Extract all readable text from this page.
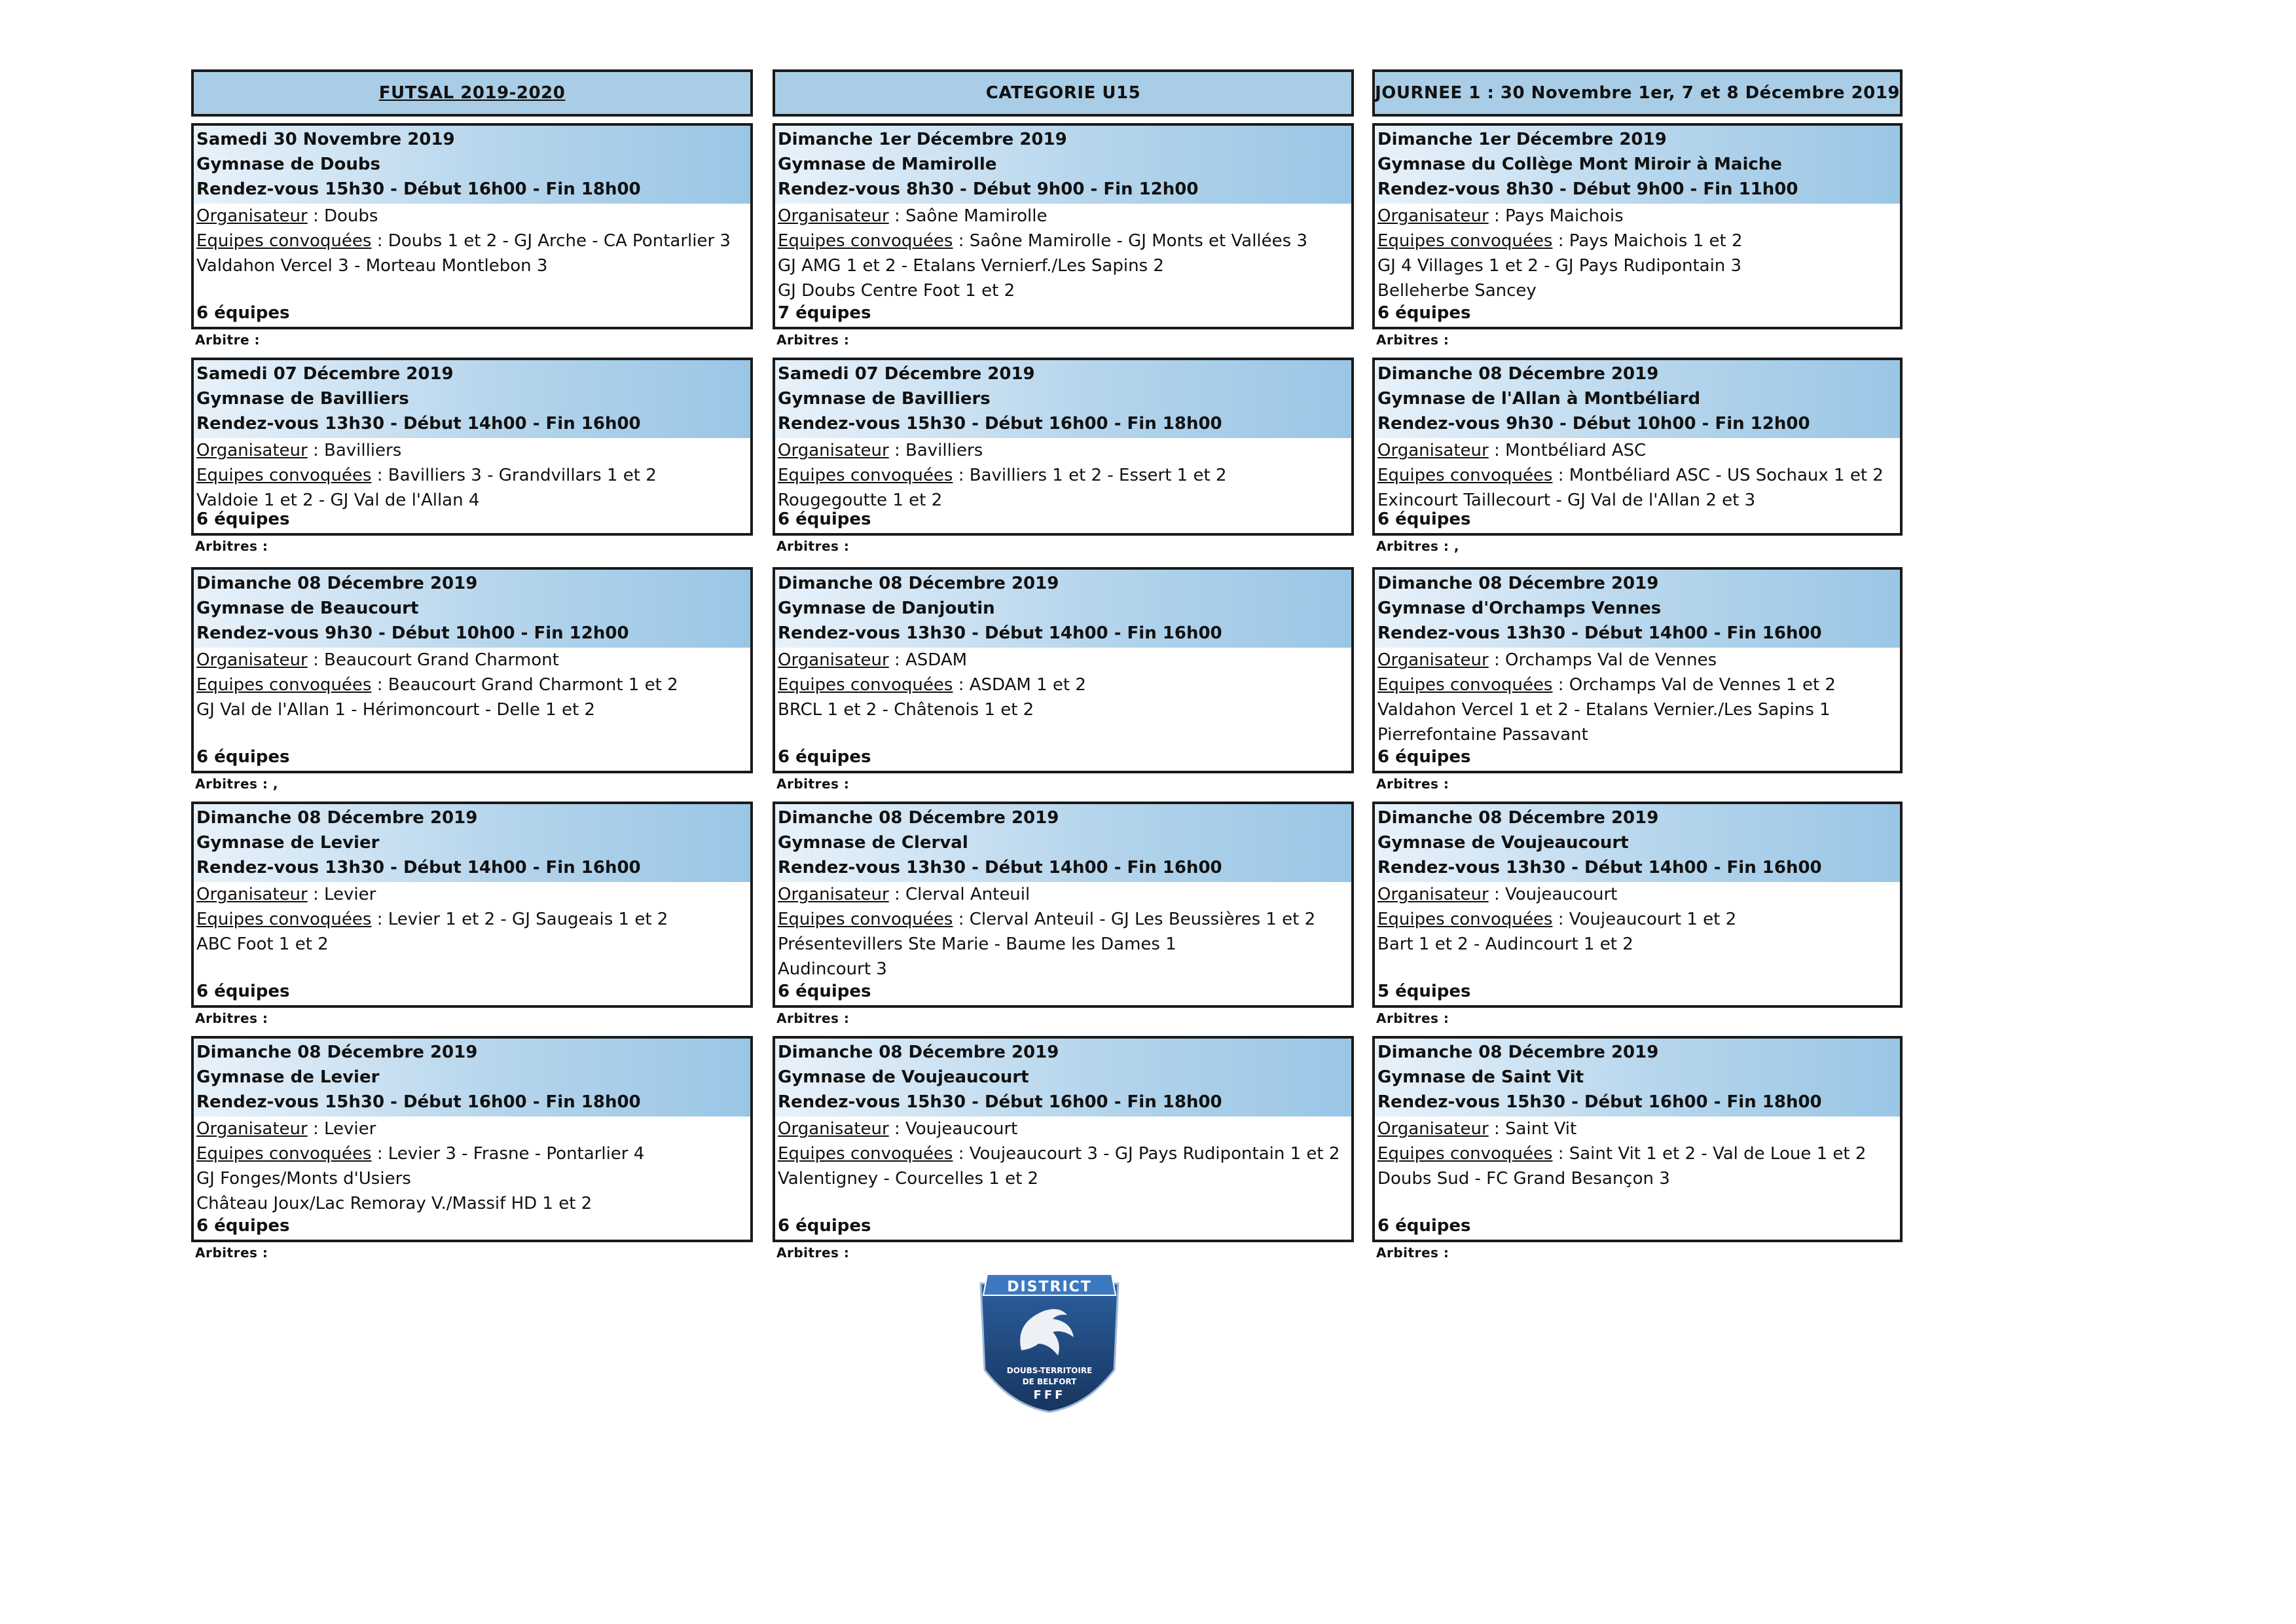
FUTSAL 2019-2020	CATEGORIE U15	JOURNEE 1 : 30 Novembre 1er, 7 et 8 Décembre 2019
Samedi 30 Novembre 2019
Gymnase de Doubs
Rendez-vous 15h30 - Début 16h00 - Fin 18h00
Organisateur : Doubs
Equipes convoquées : Doubs 1 et 2 - GJ Arche - CA Pontarlier 3
Valdahon Vercel 3 - Morteau Montlebon 3
6 équipes
Arbitre :
Dimanche 1er Décembre 2019
Gymnase de Mamirolle
Rendez-vous 8h30 - Début 9h00 - Fin 12h00
Organisateur : Saône Mamirolle
Equipes convoquées : Saône Mamirolle - GJ Monts et Vallées 3
GJ AMG 1 et 2 - Etalans Vernierf./Les Sapins 2
GJ Doubs Centre Foot 1 et 2
7 équipes
Arbitres :
Dimanche 1er Décembre 2019
Gymnase du Collège Mont Miroir à Maiche
Rendez-vous 8h30 - Début 9h00 - Fin 11h00
Organisateur : Pays Maichois
Equipes convoquées : Pays Maichois 1 et 2
GJ 4 Villages 1 et 2 - GJ Pays Rudipontain 3
Belleherbe Sancey
6 équipes
Arbitres :
Samedi 07 Décembre 2019
Gymnase de Bavilliers
Rendez-vous 13h30 - Début 14h00 - Fin 16h00
Organisateur : Bavilliers
Equipes convoquées : Bavilliers 3 - Grandvillars 1 et 2
Valdoie 1 et 2 - GJ Val de l'Allan 4
6 équipes
Arbitres :
Samedi 07 Décembre 2019
Gymnase de Bavilliers
Rendez-vous 15h30 - Début 16h00 - Fin 18h00
Organisateur : Bavilliers
Equipes convoquées : Bavilliers 1 et 2 - Essert 1 et 2
Rougegoutte 1 et 2
6 équipes
Arbitres :
Dimanche 08 Décembre 2019
Gymnase de l'Allan à Montbéliard
Rendez-vous 9h30 - Début 10h00 - Fin 12h00
Organisateur : Montbéliard ASC
Equipes convoquées : Montbéliard ASC - US Sochaux 1 et 2
Exincourt Taillecourt - GJ Val de l'Allan 2 et 3
6 équipes
Arbitres : ,
Dimanche 08 Décembre 2019
Gymnase de Beaucourt
Rendez-vous 9h30 - Début 10h00 - Fin 12h00
Organisateur : Beaucourt Grand Charmont
Equipes convoquées : Beaucourt Grand Charmont 1 et 2
GJ Val de l'Allan 1 - Hérimoncourt - Delle 1 et 2
6 équipes
Arbitres : ,
Dimanche 08 Décembre 2019
Gymnase de Danjoutin
Rendez-vous 13h30 - Début 14h00 - Fin 16h00
Organisateur : ASDAM
Equipes convoquées : ASDAM 1 et 2
BRCL 1 et 2 - Châtenois 1 et 2
6 équipes
Arbitres :
Dimanche 08 Décembre 2019
Gymnase d'Orchamps Vennes
Rendez-vous 13h30 - Début 14h00 - Fin 16h00
Organisateur : Orchamps Val de Vennes
Equipes convoquées : Orchamps Val de Vennes 1 et 2
Valdahon Vercel 1 et 2 - Etalans Vernier./Les Sapins 1
Pierrefontaine Passavant
6 équipes
Arbitres :
Dimanche 08 Décembre 2019
Gymnase de Levier
Rendez-vous 13h30 - Début 14h00 - Fin 16h00
Organisateur : Levier
Equipes convoquées : Levier 1 et 2 - GJ Saugeais 1 et 2
ABC Foot 1 et 2
6 équipes
Arbitres :
Dimanche 08 Décembre 2019
Gymnase de Clerval
Rendez-vous 13h30 - Début 14h00 - Fin 16h00
Organisateur : Clerval Anteuil
Equipes convoquées : Clerval Anteuil - GJ Les Beussières 1 et 2
Présentevillers Ste Marie - Baume les Dames 1
Audincourt 3
6 équipes
Arbitres :
Dimanche 08 Décembre 2019
Gymnase de Voujeaucourt
Rendez-vous 13h30 - Début 14h00 - Fin 16h00
Organisateur : Voujeaucourt
Equipes convoquées : Voujeaucourt 1 et 2
Bart 1 et 2 - Audincourt 1 et 2
5 équipes
Arbitres :
Dimanche 08 Décembre 2019
Gymnase de Levier
Rendez-vous 15h30 - Début 16h00 - Fin 18h00
Organisateur : Levier
Equipes convoquées : Levier 3 - Frasne - Pontarlier 4
GJ Fonges/Monts d'Usiers
Château Joux/Lac Remoray V./Massif HD 1 et 2
6 équipes
Arbitres :
Dimanche 08 Décembre 2019
Gymnase de Voujeaucourt
Rendez-vous 15h30 - Début 16h00 - Fin 18h00
Organisateur : Voujeaucourt
Equipes convoquées : Voujeaucourt 3 - GJ Pays Rudipontain 1 et 2
Valentigney - Courcelles 1 et 2
6 équipes
Arbitres :
Dimanche 08 Décembre 2019
Gymnase de Saint Vit
Rendez-vous 15h30 - Début 16h00 - Fin 18h00
Organisateur : Saint Vit
Equipes convoquées : Saint Vit 1 et 2 - Val de Loue 1 et 2
Doubs Sud - FC Grand Besançon 3
6 équipes
Arbitres :
DISTRICT
DOUBS-TERRITOIRE
DE BELFORT
FFF
